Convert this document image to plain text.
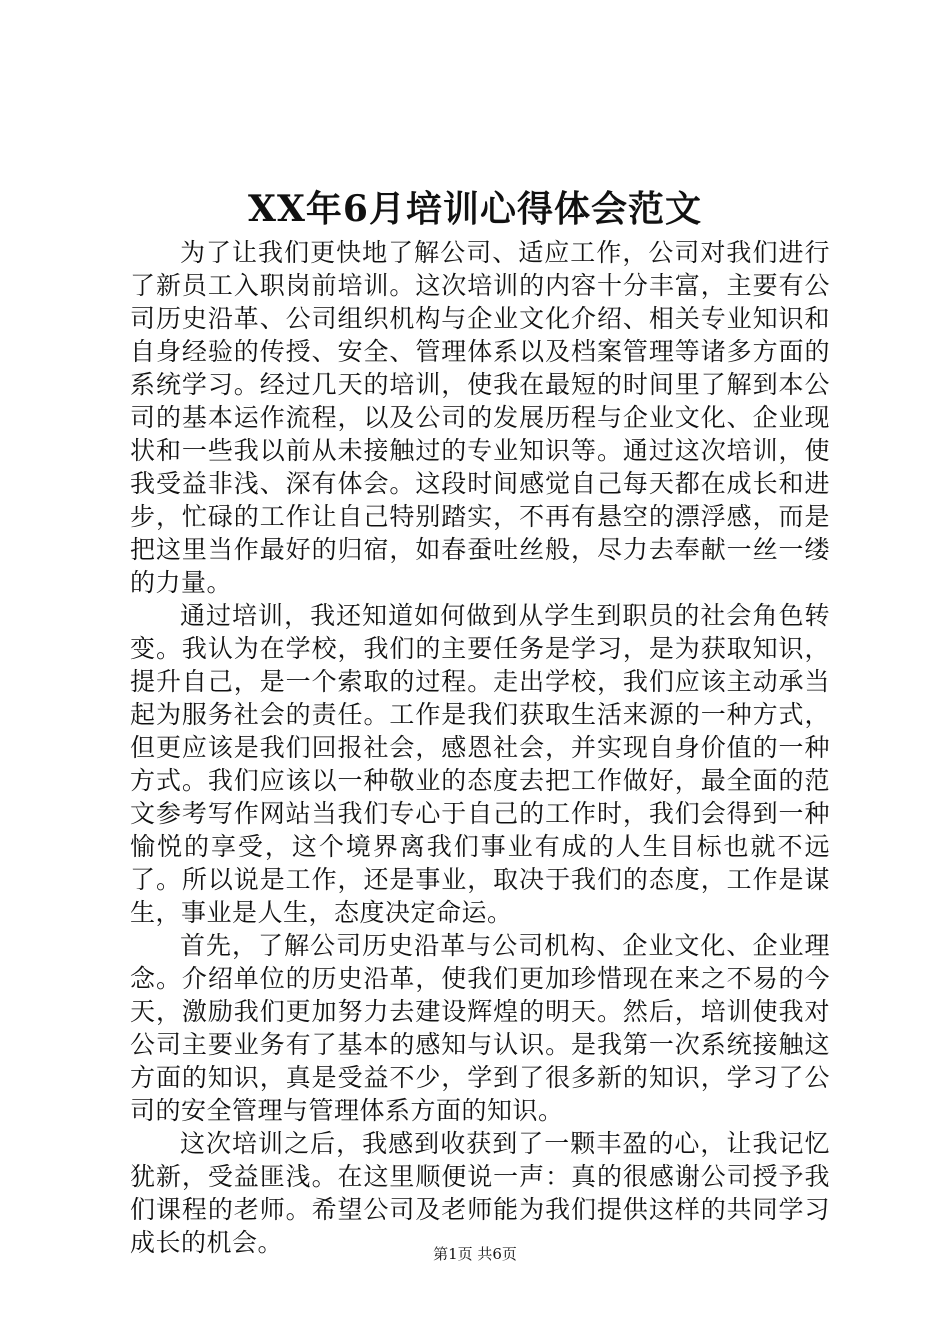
XX年6月培训心得体会范文

为了让我们更快地了解公司、适应工作，公司对我们进行了新员工入职岗前培训。这次培训的内容十分丰富，主要有公司历史沿革、公司组织机构与企业文化介绍、相关专业知识和自身经验的传授、安全、管理体系以及档案管理等诸多方面的系统学习。经过几天的培训，使我在最短的时间里了解到本公司的基本运作流程，以及公司的发展历程与企业文化、企业现状和一些我以前从未接触过的专业知识等。通过这次培训，使我受益非浅、深有体会。这段时间感觉自己每天都在成长和进步，忙碌的工作让自己特别踏实，不再有悬空的漂浮感，而是把这里当作最好的归宿，如春蚕吐丝般，尽力去奉献一丝一缕的力量。

通过培训，我还知道如何做到从学生到职员的社会角色转变。我认为在学校，我们的主要任务是学习，是为获取知识，提升自己，是一个索取的过程。走出学校，我们应该主动承当起为服务社会的责任。工作是我们获取生活来源的一种方式，但更应该是我们回报社会，感恩社会，并实现自身价值的一种方式。我们应该以一种敬业的态度去把工作做好，最全面的范文参考写作网站当我们专心于自己的工作时，我们会得到一种愉悦的享受，这个境界离我们事业有成的人生目标也就不远了。所以说是工作，还是事业，取决于我们的态度，工作是谋生，事业是人生，态度决定命运。

首先，了解公司历史沿革与公司机构、企业文化、企业理念。介绍单位的历史沿革，使我们更加珍惜现在来之不易的今天，激励我们更加努力去建设辉煌的明天。然后，培训使我对公司主要业务有了基本的感知与认识。是我第一次系统接触这方面的知识，真是受益不少，学到了很多新的知识，学习了公司的安全管理与管理体系方面的知识。

这次培训之后，我感到收获到了一颗丰盈的心，让我记忆犹新，受益匪浅。在这里顺便说一声：真的很感谢公司授予我们课程的老师。希望公司及老师能为我们提供这样的共同学习成长的机会。	第1页 共6页
